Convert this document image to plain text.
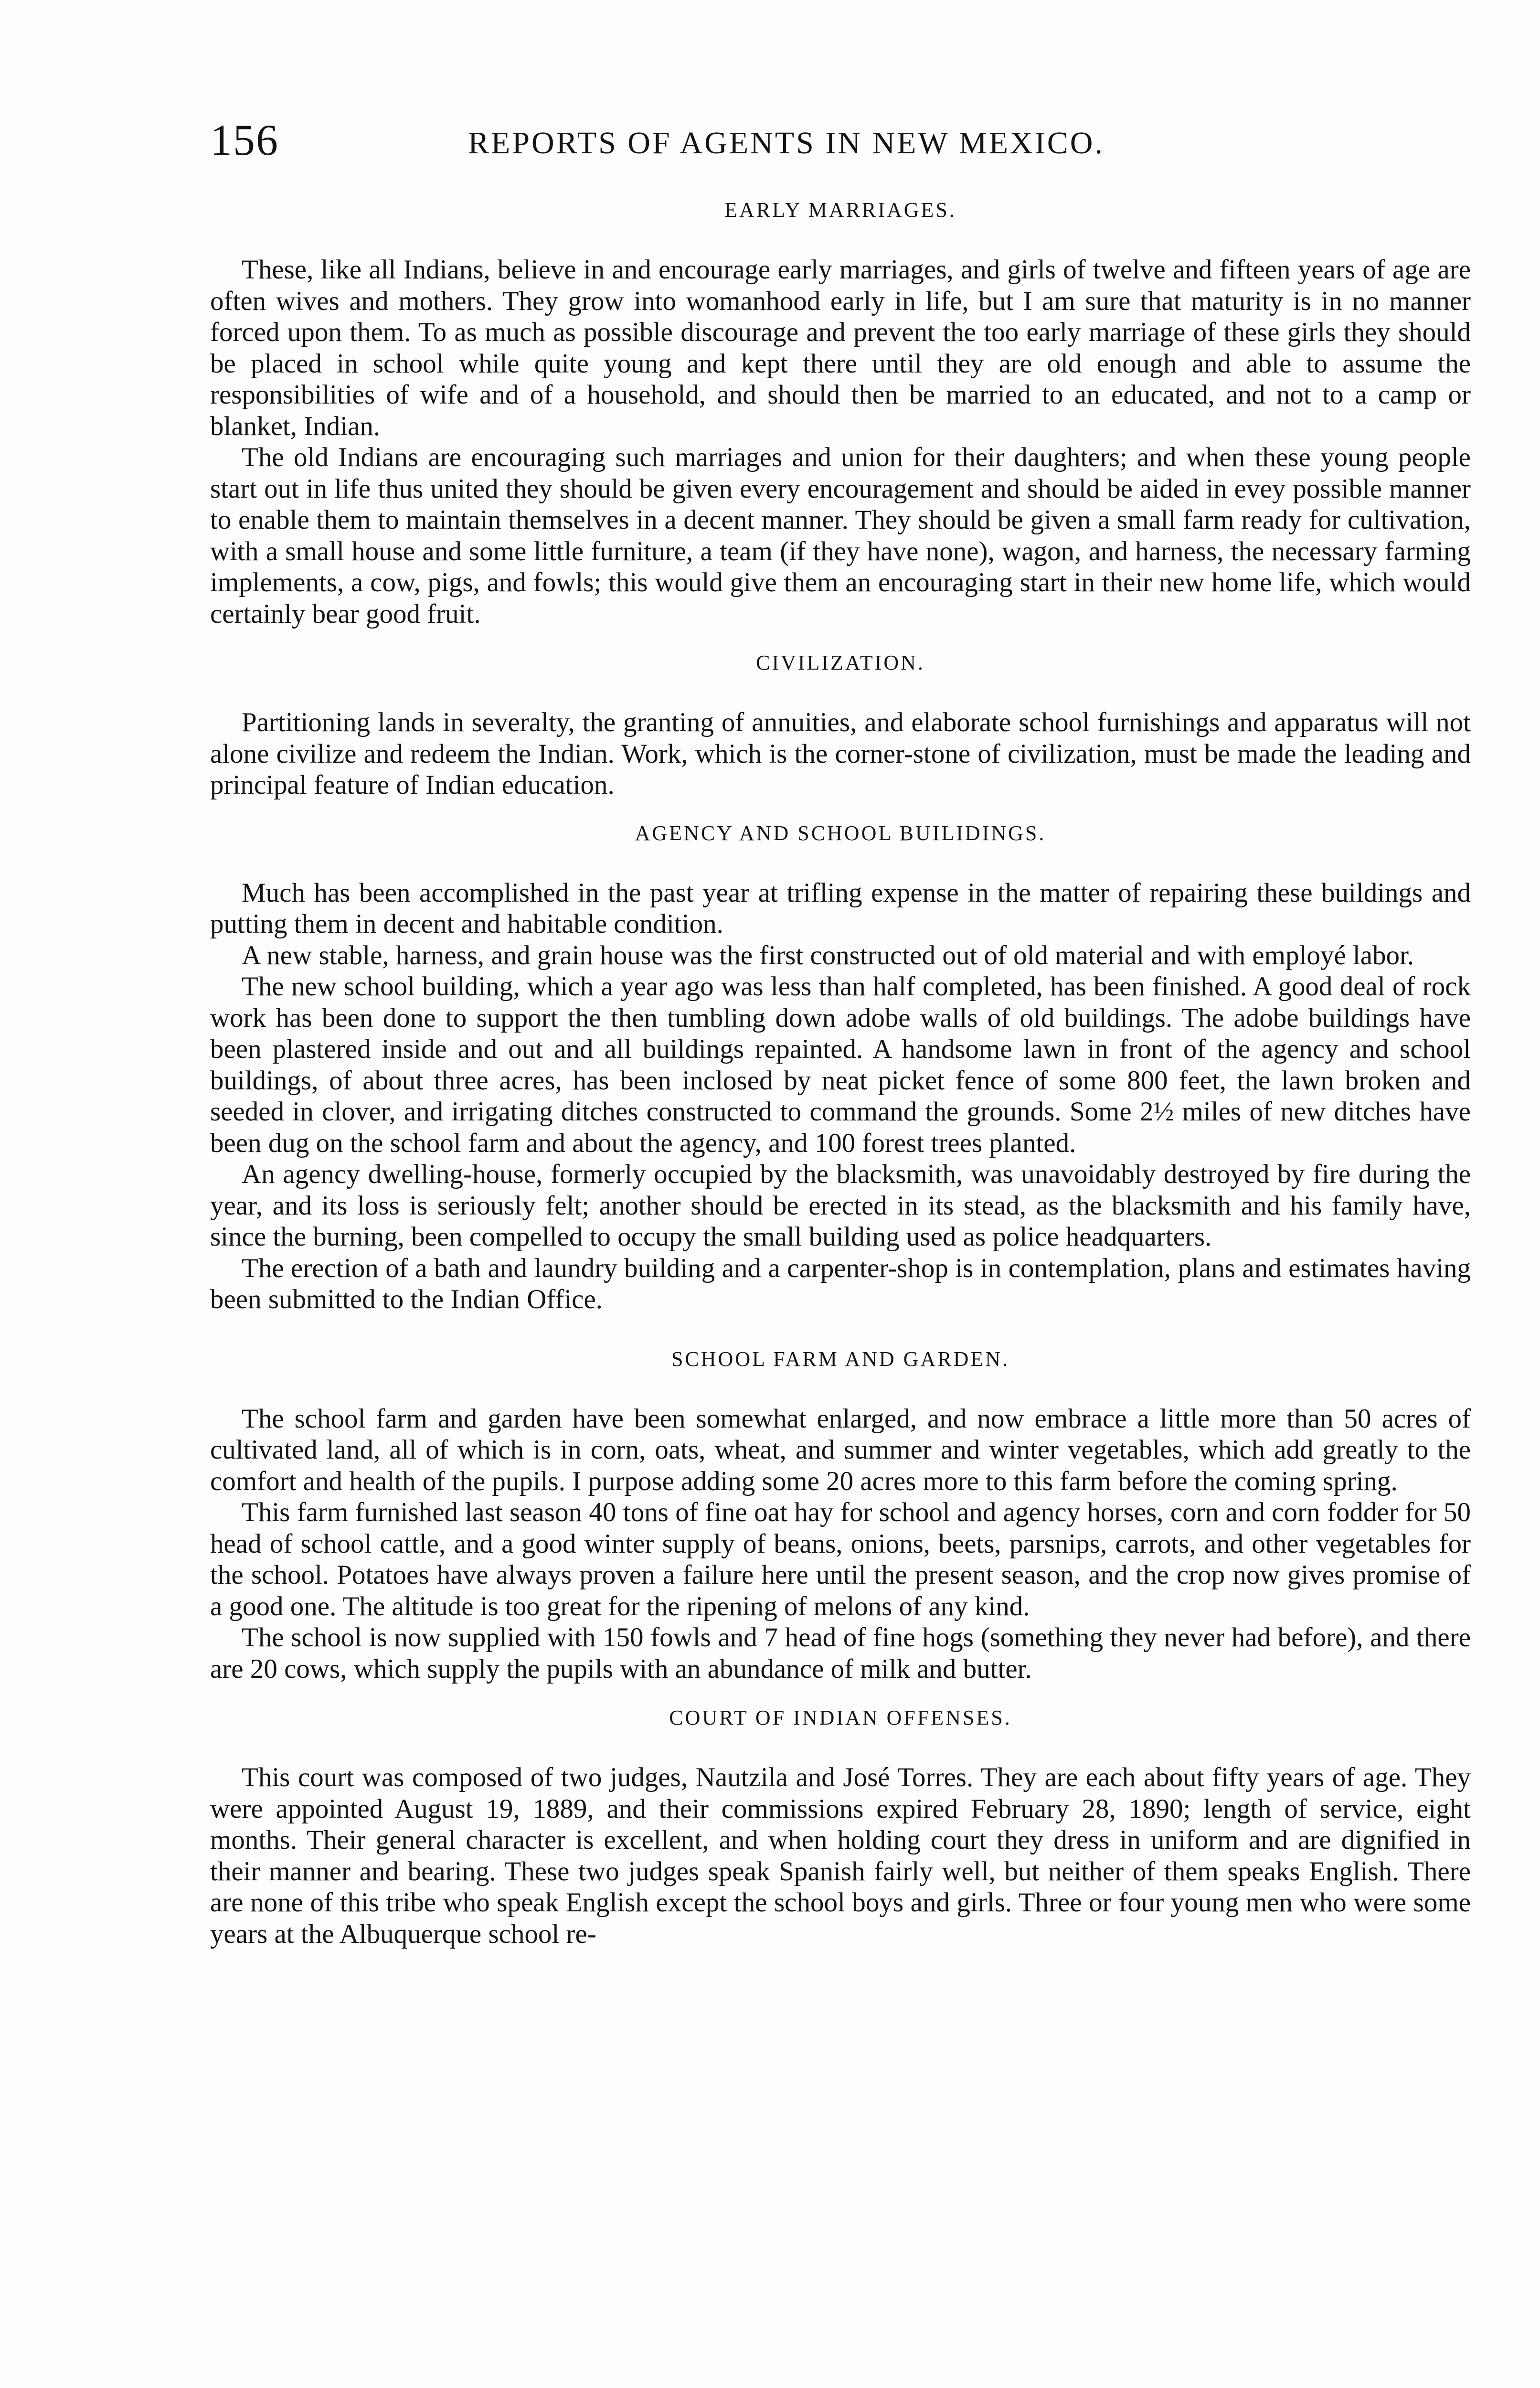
156	REPORTS OF AGENTS IN NEW MEXICO.
EARLY MARRIAGES.

These, like all Indians, believe in and encourage early marriages, and girls of twelve and fifteen years of age are often wives and mothers. They grow into womanhood early in life, but I am sure that maturity is in no manner forced upon them. To as much as possible discourage and prevent the too early marriage of these girls they should be placed in school while quite young and kept there until they are old enough and able to assume the responsibilities of wife and of a household, and should then be married to an educated, and not to a camp or blanket, Indian.

The old Indians are encouraging such marriages and union for their daughters; and when these young people start out in life thus united they should be given every encouragement and should be aided in evey possible manner to enable them to maintain themselves in a decent manner. They should be given a small farm ready for cultivation, with a small house and some little furniture, a team (if they have none), wagon, and harness, the necessary farming implements, a cow, pigs, and fowls; this would give them an encouraging start in their new home life, which would certainly bear good fruit.

CIVILIZATION.

Partitioning lands in severalty, the granting of annuities, and elaborate school furnishings and apparatus will not alone civilize and redeem the Indian. Work, which is the corner-stone of civilization, must be made the leading and principal feature of Indian education.

AGENCY AND SCHOOL BUILIDINGS.

Much has been accomplished in the past year at trifling expense in the matter of repairing these buildings and putting them in decent and habitable condition.

A new stable, harness, and grain house was the first constructed out of old material and with employé labor.

The new school building, which a year ago was less than half completed, has been finished. A good deal of rock work has been done to support the then tumbling down adobe walls of old buildings. The adobe buildings have been plastered inside and out and all buildings repainted. A handsome lawn in front of the agency and school buildings, of about three acres, has been inclosed by neat picket fence of some 800 feet, the lawn broken and seeded in clover, and irrigating ditches constructed to command the grounds. Some 2½ miles of new ditches have been dug on the school farm and about the agency, and 100 forest trees planted.

An agency dwelling-house, formerly occupied by the blacksmith, was unavoidably destroyed by fire during the year, and its loss is seriously felt; another should be erected in its stead, as the blacksmith and his family have, since the burning, been compelled to occupy the small building used as police headquarters.

The erection of a bath and laundry building and a carpenter-shop is in contemplation, plans and estimates having been submitted to the Indian Office.

SCHOOL FARM AND GARDEN.

The school farm and garden have been somewhat enlarged, and now embrace a little more than 50 acres of cultivated land, all of which is in corn, oats, wheat, and summer and winter vegetables, which add greatly to the comfort and health of the pupils. I purpose adding some 20 acres more to this farm before the coming spring.

This farm furnished last season 40 tons of fine oat hay for school and agency horses, corn and corn fodder for 50 head of school cattle, and a good winter supply of beans, onions, beets, parsnips, carrots, and other vegetables for the school. Potatoes have always proven a failure here until the present season, and the crop now gives promise of a good one. The altitude is too great for the ripening of melons of any kind.

The school is now supplied with 150 fowls and 7 head of fine hogs (something they never had before), and there are 20 cows, which supply the pupils with an abundance of milk and butter.

COURT OF INDIAN OFFENSES.

This court was composed of two judges, Nautzila and José Torres. They are each about fifty years of age. They were appointed August 19, 1889, and their commissions expired February 28, 1890; length of service, eight months. Their general character is excellent, and when holding court they dress in uniform and are dignified in their manner and bearing. These two judges speak Spanish fairly well, but neither of them speaks English. There are none of this tribe who speak English except the school boys and girls. Three or four young men who were some years at the Albuquerque school re-
